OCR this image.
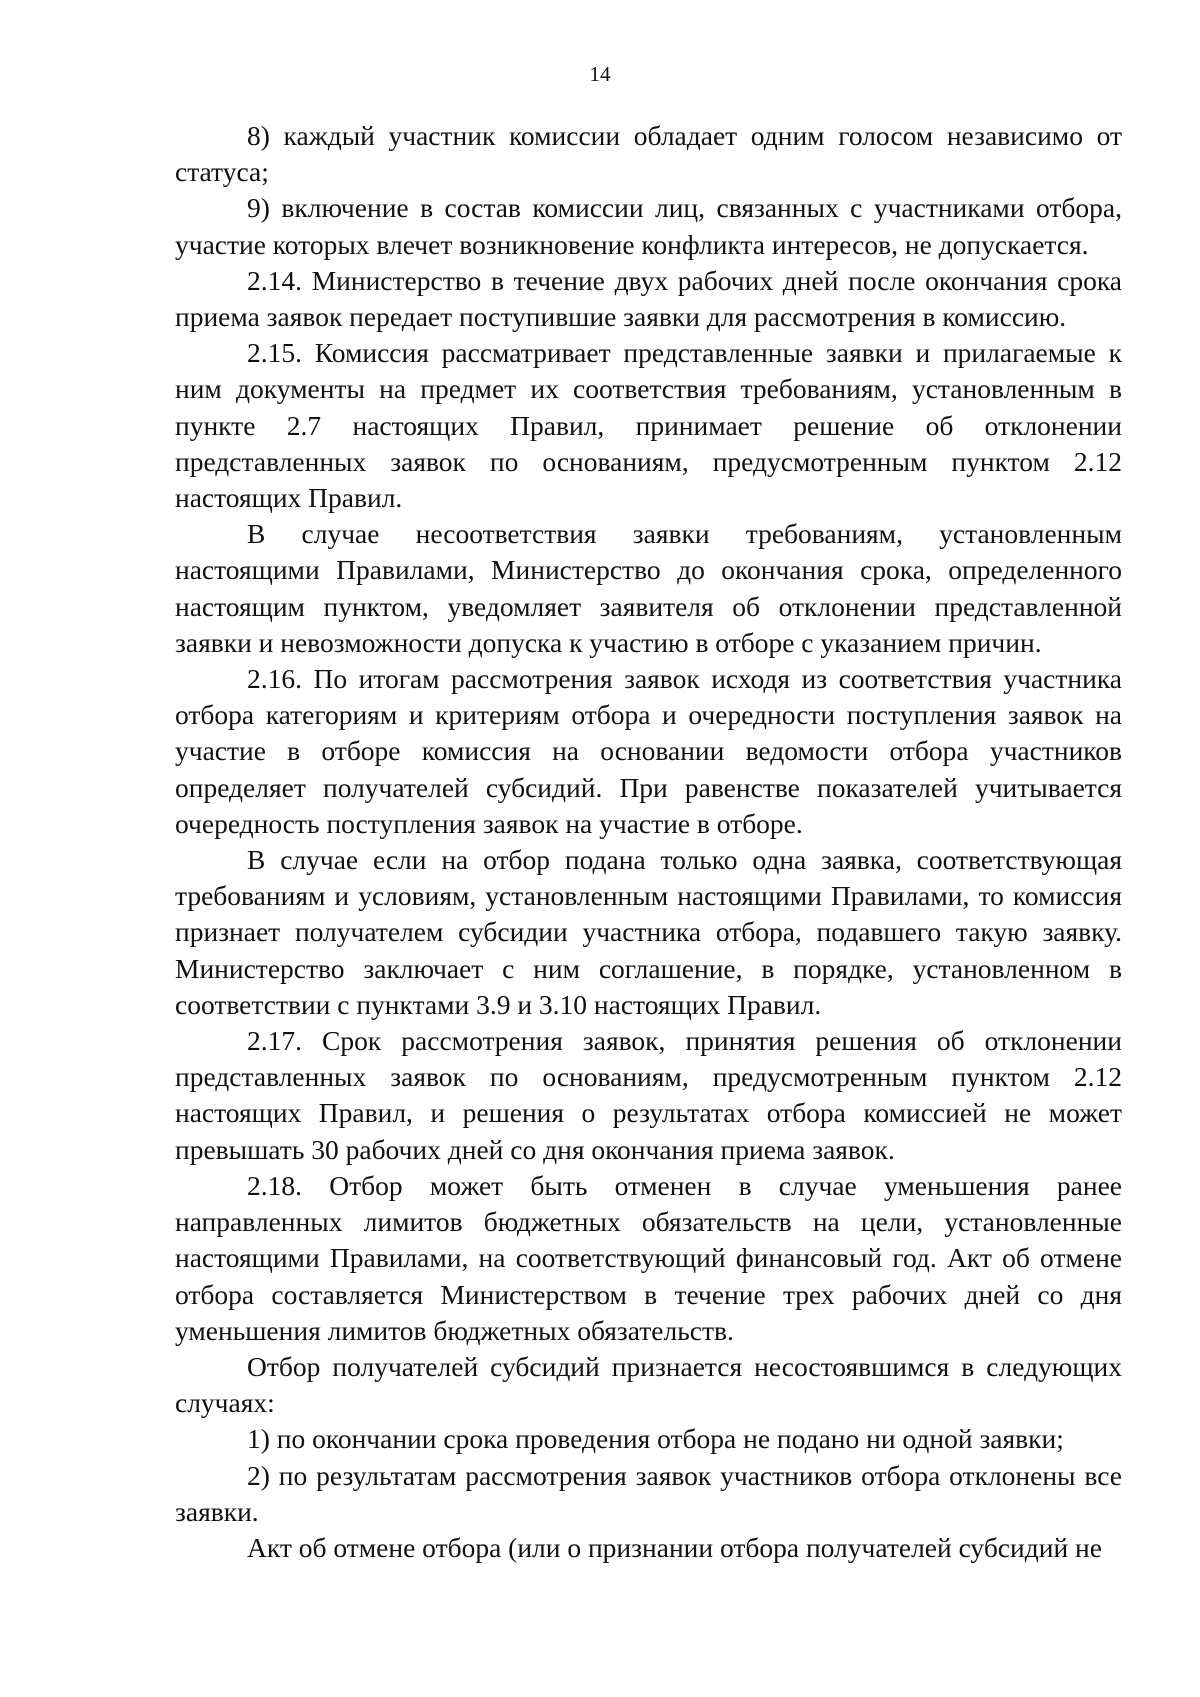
14

8) каждый участник комиссии обладает одним голосом независимо от статуса;

9) включение в состав комиссии лиц, связанных с участниками отбора, участие которых влечет возникновение конфликта интересов, не допускается.

2.14. Министерство в течение двух рабочих дней после окончания срока приема заявок передает поступившие заявки для рассмотрения в комиссию.

2.15. Комиссия рассматривает представленные заявки и прилагаемые к ним документы на предмет их соответствия требованиям, установленным в пункте 2.7 настоящих Правил, принимает решение об отклонении представленных заявок по основаниям, предусмотренным пунктом 2.12 настоящих Правил.

В случае несоответствия заявки требованиям, установленным настоящими Правилами, Министерство до окончания срока, определенного настоящим пунктом, уведомляет заявителя об отклонении представленной заявки и невозможности допуска к участию в отборе с указанием причин.

2.16. По итогам рассмотрения заявок исходя из соответствия участника отбора категориям и критериям отбора и очередности поступления заявок на участие в отборе комиссия на основании ведомости отбора участников определяет получателей субсидий. При равенстве показателей учитывается очередность поступления заявок на участие в отборе.

В случае если на отбор подана только одна заявка, соответствующая требованиям и условиям, установленным настоящими Правилами, то комиссия признает получателем субсидии участника отбора, подавшего такую заявку. Министерство заключает с ним соглашение, в порядке, установленном в соответствии с пунктами 3.9 и 3.10 настоящих Правил.

2.17. Срок рассмотрения заявок, принятия решения об отклонении представленных заявок по основаниям, предусмотренным пунктом 2.12 настоящих Правил, и решения о результатах отбора комиссией не может превышать 30 рабочих дней со дня окончания приема заявок.

2.18. Отбор может быть отменен в случае уменьшения ранее направленных лимитов бюджетных обязательств на цели, установленные настоящими Правилами, на соответствующий финансовый год. Акт об отмене отбора составляется Министерством в течение трех рабочих дней со дня уменьшения лимитов бюджетных обязательств.

Отбор получателей субсидий признается несостоявшимся в следующих случаях:

1) по окончании срока проведения отбора не подано ни одной заявки;

2) по результатам рассмотрения заявок участников отбора отклонены все заявки.

Акт об отмене отбора (или о признании отбора получателей субсидий не
